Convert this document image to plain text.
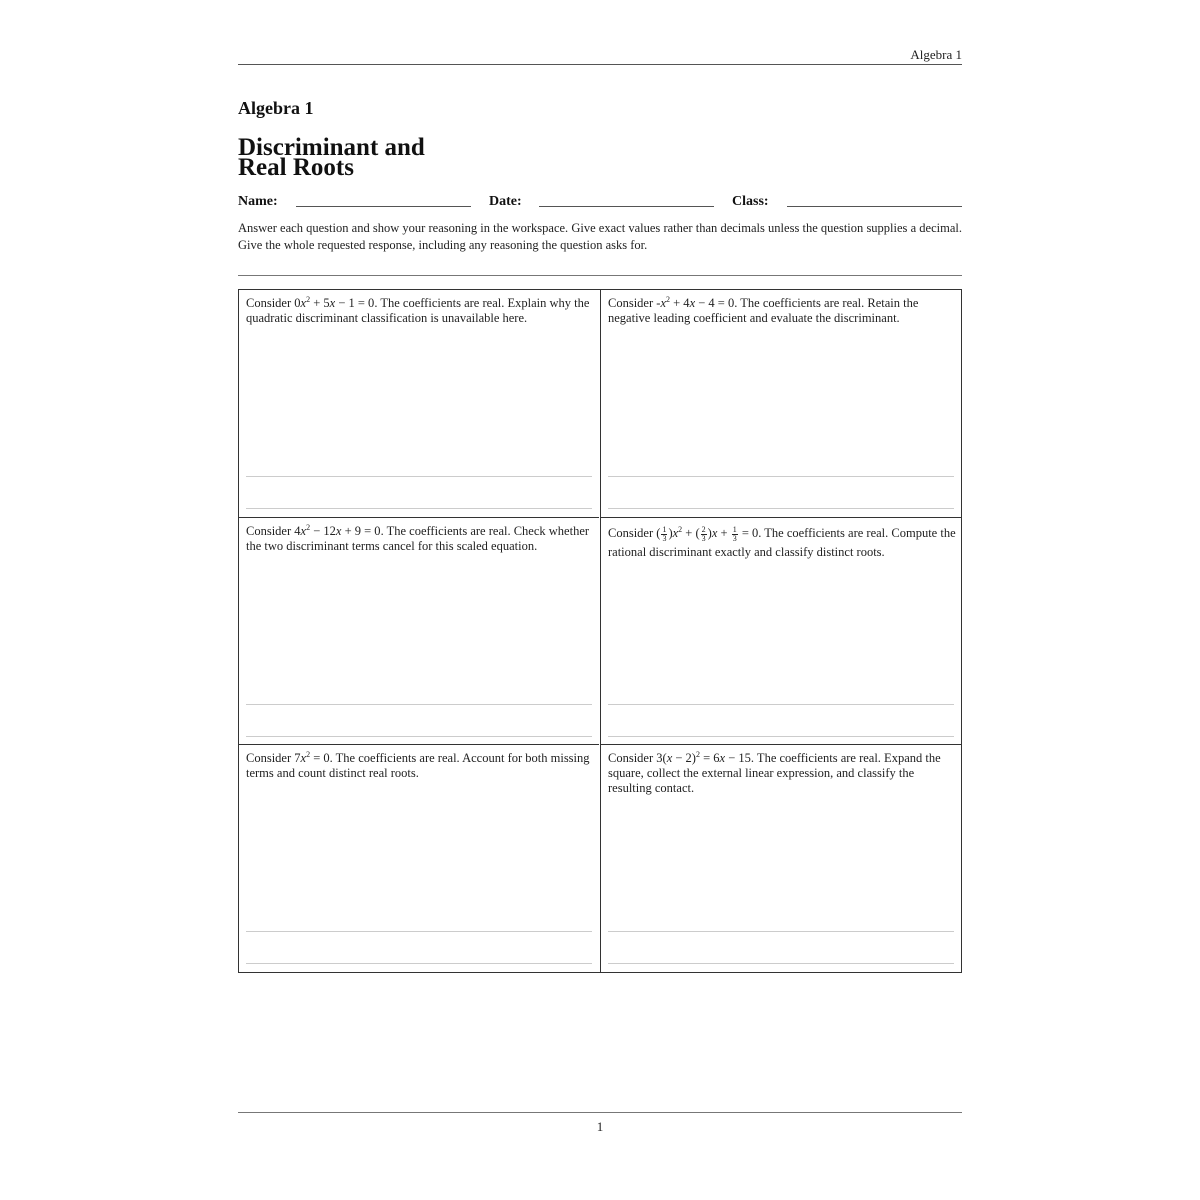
Algebra 1
Algebra 1
Discriminant and
Real Roots
Name:	Date:	Class:
Answer each question and show your reasoning in the workspace. Give exact values rather than decimals unless the question supplies a decimal. Give the whole requested response, including any reasoning the question asks for.
Consider $0x^2 + 5x - 1 = 0$. The coefficients are real. Explain why the quadratic discriminant classification is unavailable here.
Consider $-x^2 + 4x - 4 = 0$. The coefficients are real. Retain the negative leading coefficient and evaluate the discriminant.
Consider $4x^2 - 12x + 9 = 0$. The coefficients are real. Check whether the two discriminant terms cancel for this scaled equation.
Consider ( $\frac{1}{3} )x^2$ + ( $\frac{2}{3} )x + \frac{1}{3} = 0$. The coefficients are real. Compute the rational discriminant exactly and classify distinct roots.
Consider $7x^2 = 0$. The coefficients are real. Account for both missing terms and count distinct real roots.
Consider $3(x - 2)^2 = 6x - 15$. The coefficients are real. Expand the square, collect the external linear expression, and classify the resulting contact.
1
